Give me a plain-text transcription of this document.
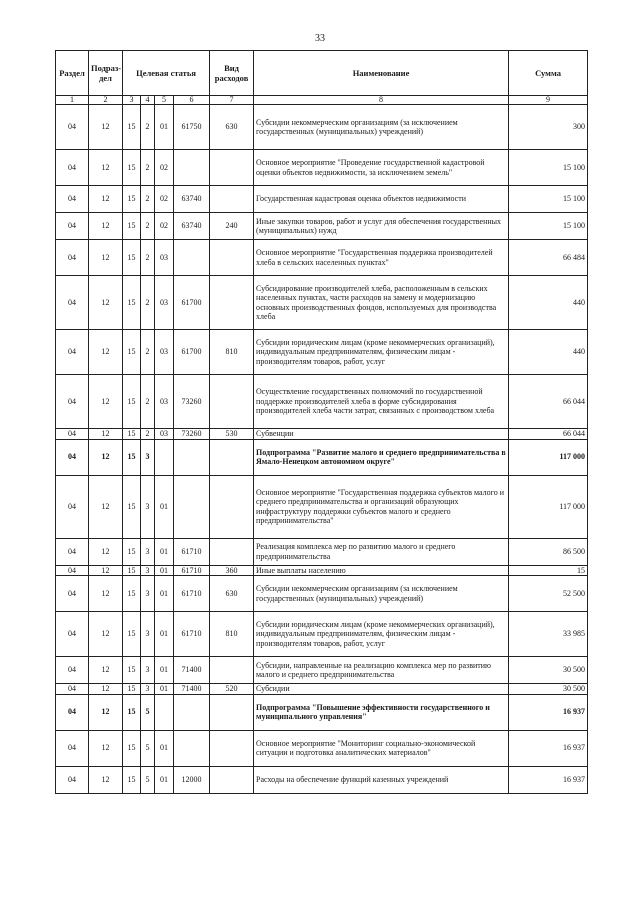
33
Раздел	Подраз-дел	Целевая статья				Вид расходов	Наименование	Сумма
1	2	3	4	5	6	7	8	9
04	12	15	2	01	61750	630	Субсидии некоммерческим организациям (за исключением государственных (муниципальных) учреждений)	300
04	12	15	2	02			Основное мероприятие "Проведение государственной кадастровой оценки объектов недвижимости, за исключением земель"	15 100
04	12	15	2	02	63740		Государственная кадастровая оценка объектов недвижимости	15 100
04	12	15	2	02	63740	240	Иные закупки товаров, работ и услуг для обеспечения государственных (муниципальных) нужд	15 100
04	12	15	2	03			Основное мероприятие "Государственная поддержка производителей хлеба в сельских населенных пунктах"	66 484
04	12	15	2	03	61700		Субсидирование производителей хлеба, расположенным в сельских населенных пунктах, части расходов на замену и модернизацию основных производственных фондов, используемых для производства хлеба	440
04	12	15	2	03	61700	810	Субсидии юридическим лицам (кроме некоммерческих организаций), индивидуальным предпринимателям, физическим лицам - производителям товаров, работ, услуг	440
04	12	15	2	03	73260		Осуществление государственных полномочий по государственной поддержке производителей хлеба в форме субсидирования производителей хлеба части затрат, связанных с производством хлеба	66 044
04	12	15	2	03	73260	530	Субвенции	66 044
04	12	15	3				Подпрограмма "Развитие малого и среднего предпринимательства в Ямало-Ненецком автономном округе"	117 000
04	12	15	3	01			Основное мероприятие "Государственная поддержка субъектов малого и среднего предпринимательства и организаций образующих инфраструктуру поддержки субъектов малого и среднего предпринимательства"	117 000
04	12	15	3	01	61710		Реализация комплекса мер по развитию малого и среднего предпринимательства	86 500
04	12	15	3	01	61710	360	Иные выплаты населению	15
04	12	15	3	01	61710	630	Субсидии некоммерческим организациям (за исключением государственных (муниципальных) учреждений)	52 500
04	12	15	3	01	61710	810	Субсидии юридическим лицам (кроме некоммерческих организаций), индивидуальным предпринимателям, физическим лицам - производителям товаров, работ, услуг	33 985
04	12	15	3	01	71400		Субсидии, направленные на реализацию комплекса мер по развитию малого и среднего предпринимательства	30 500
04	12	15	3	01	71400	520	Субсидии	30 500
04	12	15	5				Подпрограмма "Повышение эффективности государственного и муниципального управления"	16 937
04	12	15	5	01			Основное мероприятие "Мониторинг социально-экономической ситуации и подготовка аналитических материалов"	16 937
04	12	15	5	01	12000		Расходы на обеспечение функций казенных учреждений	16 937
